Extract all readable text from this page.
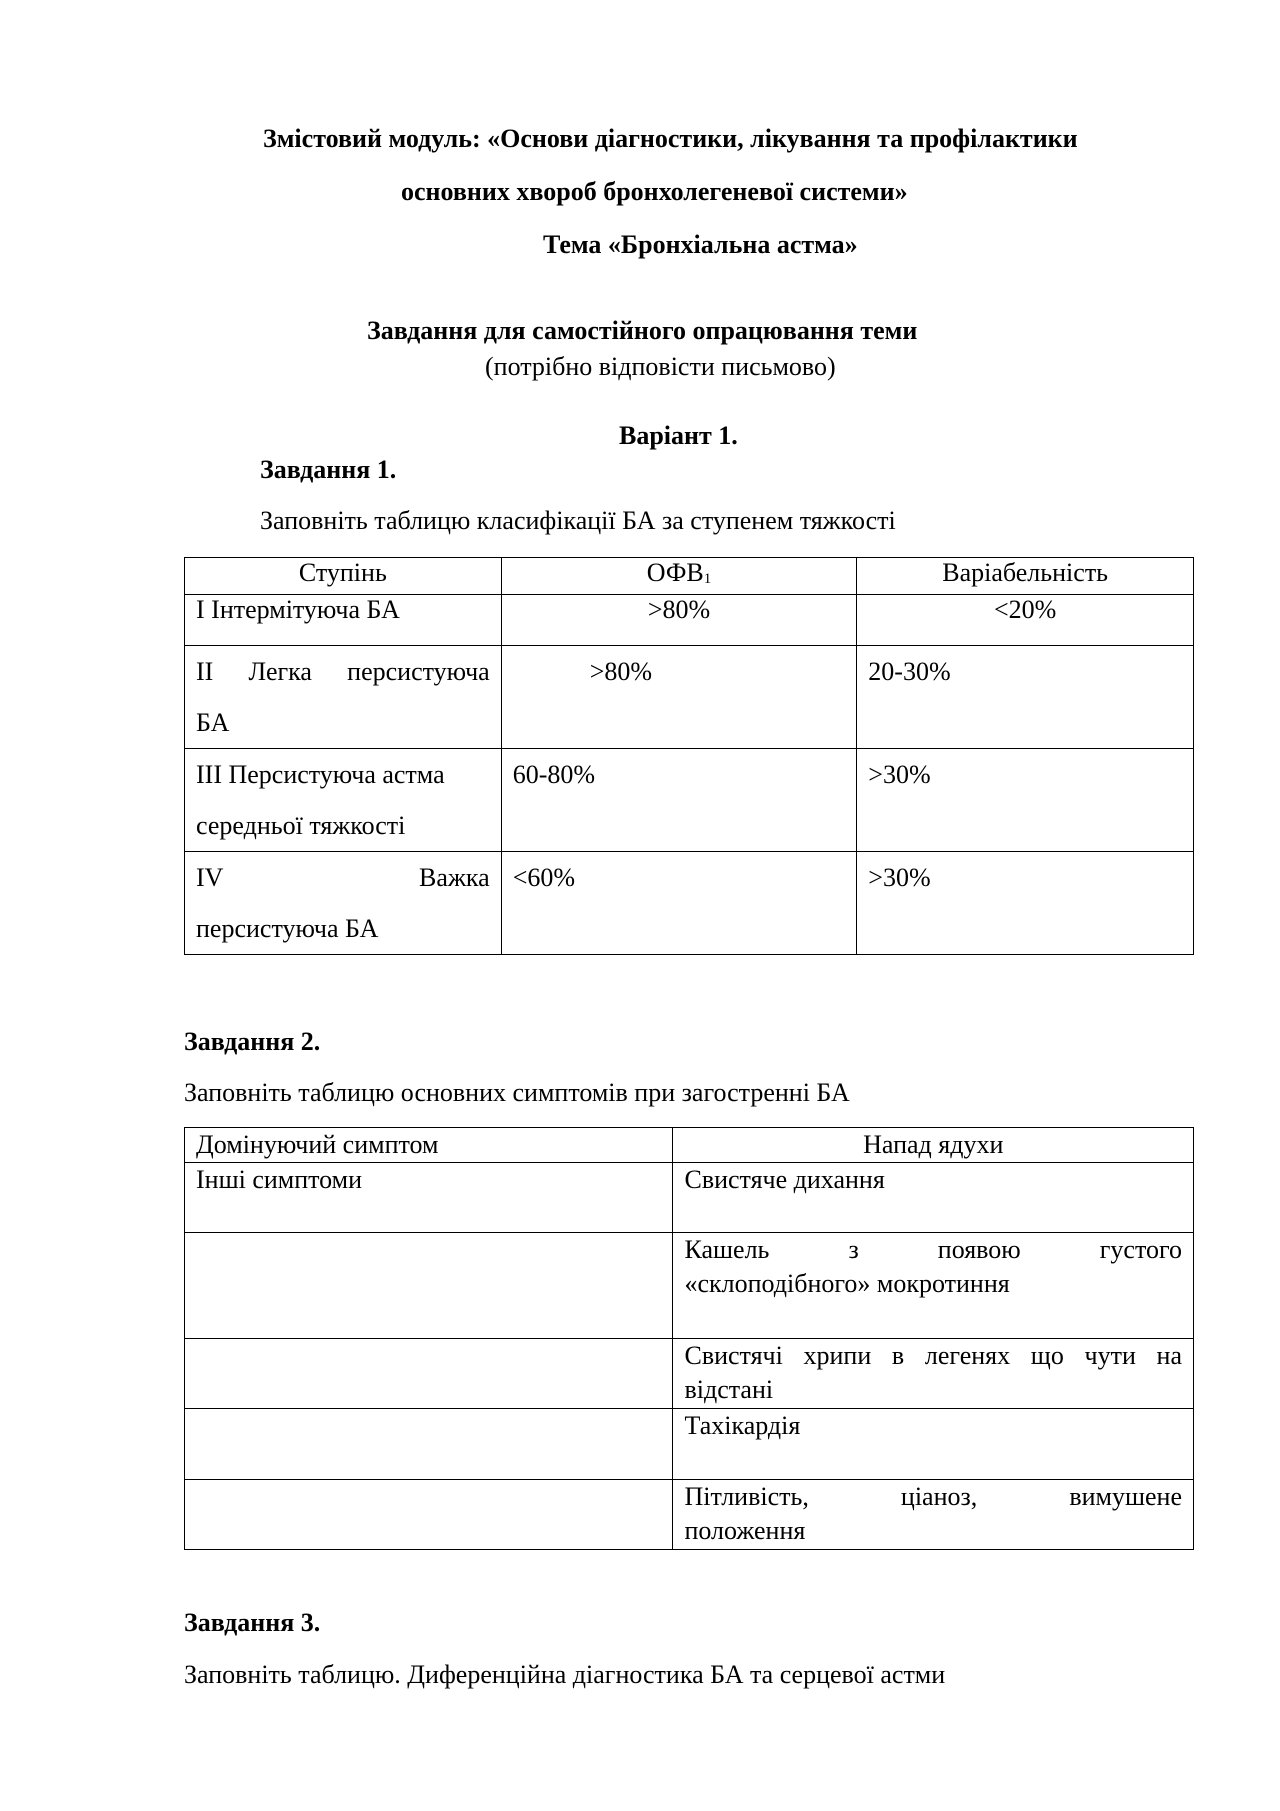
Змістовий модуль: «Основи діагностики, лікування та профілактики
основних хвороб бронхолегеневої системи»
Тема «Бронхіальна астма»
Завдання для самостійного опрацювання теми
(потрібно відповісти письмово)
Варіант 1.
Завдання 1.
Заповніть таблицю класифікації БА за ступенем тяжкості
Ступінь	$ОФВ_1$	Варіабельність
І Інтермітуюча БА	>80%	<20%

ІІ Легка персистуюча
БА	>80%	20-30%

ІІІ Персистуюча астма
середньої тяжкості	60-80%	>30%

IV Важка
персистуюча БА	<60%	>30%
Завдання 2.
Заповніть таблицю основних симптомів при загостренні БА
Домінуючий симптом	Напад ядухи
Інші симптоми	Свистяче дихання

	Кашель з появою густого
«склоподібного» мокротиння

	Свистячі хрипи в легенях що чути на
відстані

	Тахікардія

	Пітливість, ціаноз, вимушене
положення
Завдання 3.
Заповніть таблицю. Диференційна діагностика БА та серцевої астми
